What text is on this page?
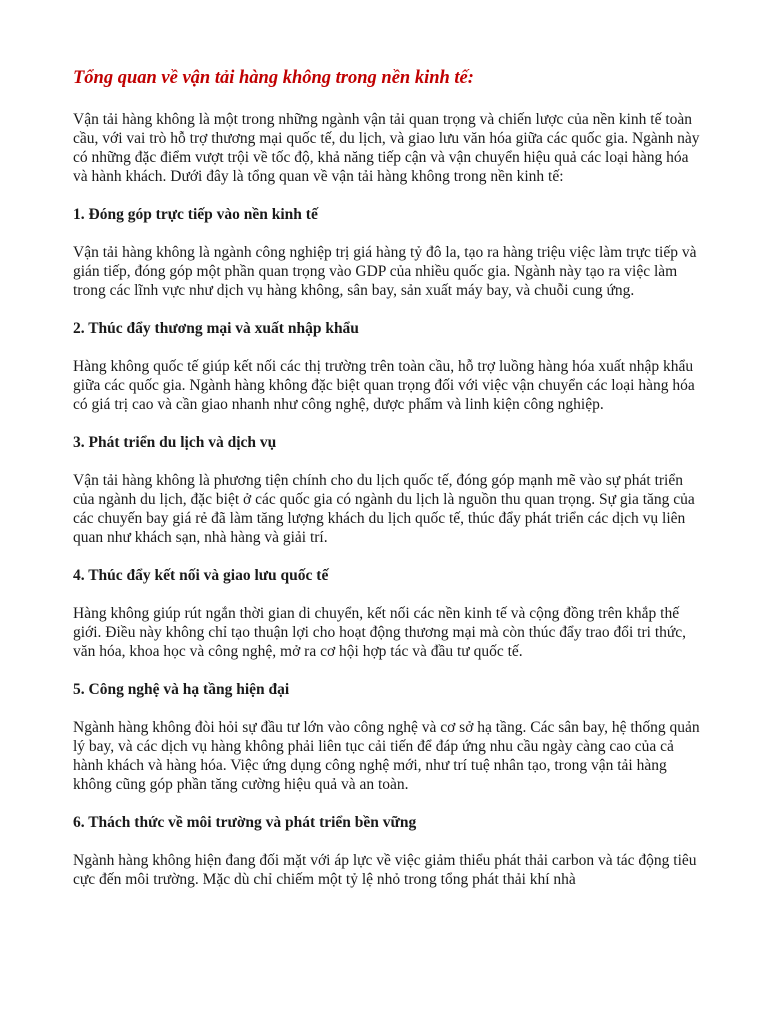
Tổng quan về vận tải hàng không trong nền kinh tế:

Vận tải hàng không là một trong những ngành vận tải quan trọng và chiến lược của nền kinh tế toàn cầu, với vai trò hỗ trợ thương mại quốc tế, du lịch, và giao lưu văn hóa giữa các quốc gia. Ngành này có những đặc điểm vượt trội về tốc độ, khả năng tiếp cận và vận chuyển hiệu quả các loại hàng hóa và hành khách. Dưới đây là tổng quan về vận tải hàng không trong nền kinh tế:

1. Đóng góp trực tiếp vào nền kinh tế

Vận tải hàng không là ngành công nghiệp trị giá hàng tỷ đô la, tạo ra hàng triệu việc làm trực tiếp và gián tiếp, đóng góp một phần quan trọng vào GDP của nhiều quốc gia. Ngành này tạo ra việc làm trong các lĩnh vực như dịch vụ hàng không, sân bay, sản xuất máy bay, và chuỗi cung ứng.

2. Thúc đẩy thương mại và xuất nhập khẩu

Hàng không quốc tế giúp kết nối các thị trường trên toàn cầu, hỗ trợ luồng hàng hóa xuất nhập khẩu giữa các quốc gia. Ngành hàng không đặc biệt quan trọng đối với việc vận chuyển các loại hàng hóa có giá trị cao và cần giao nhanh như công nghệ, dược phẩm và linh kiện công nghiệp.

3. Phát triển du lịch và dịch vụ

Vận tải hàng không là phương tiện chính cho du lịch quốc tế, đóng góp mạnh mẽ vào sự phát triển của ngành du lịch, đặc biệt ở các quốc gia có ngành du lịch là nguồn thu quan trọng. Sự gia tăng của các chuyến bay giá rẻ đã làm tăng lượng khách du lịch quốc tế, thúc đẩy phát triển các dịch vụ liên quan như khách sạn, nhà hàng và giải trí.

4. Thúc đẩy kết nối và giao lưu quốc tế

Hàng không giúp rút ngắn thời gian di chuyển, kết nối các nền kinh tế và cộng đồng trên khắp thế giới. Điều này không chỉ tạo thuận lợi cho hoạt động thương mại mà còn thúc đẩy trao đổi tri thức, văn hóa, khoa học và công nghệ, mở ra cơ hội hợp tác và đầu tư quốc tế.

5. Công nghệ và hạ tầng hiện đại

Ngành hàng không đòi hỏi sự đầu tư lớn vào công nghệ và cơ sở hạ tầng. Các sân bay, hệ thống quản lý bay, và các dịch vụ hàng không phải liên tục cải tiến để đáp ứng nhu cầu ngày càng cao của cả hành khách và hàng hóa. Việc ứng dụng công nghệ mới, như trí tuệ nhân tạo, trong vận tải hàng không cũng góp phần tăng cường hiệu quả và an toàn.

6. Thách thức về môi trường và phát triển bền vững

Ngành hàng không hiện đang đối mặt với áp lực về việc giảm thiểu phát thải carbon và tác động tiêu cực đến môi trường. Mặc dù chỉ chiếm một tỷ lệ nhỏ trong tổng phát thải khí nhà
